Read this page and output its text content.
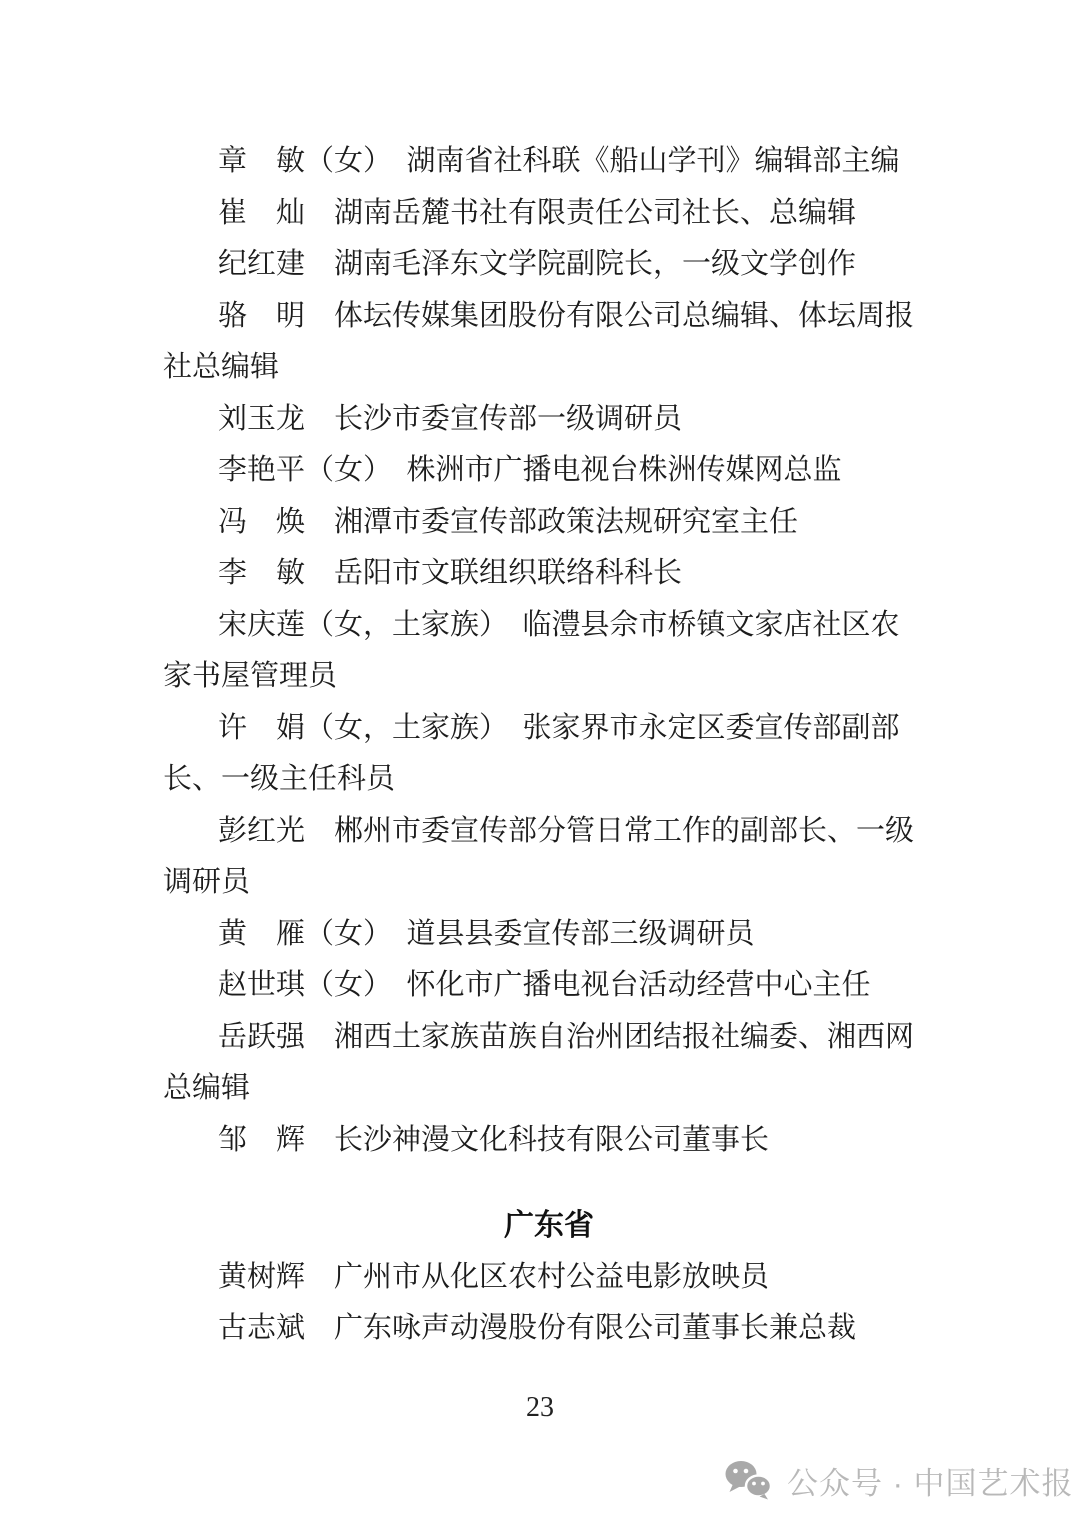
章　敏（女）　湖南省社科联《船山学刊》编辑部主编
崔　灿　湖南岳麓书社有限责任公司社长、总编辑
纪红建　湖南毛泽东文学院副院长，一级文学创作
骆　明　体坛传媒集团股份有限公司总编辑、体坛周报
社总编辑
刘玉龙　长沙市委宣传部一级调研员
李艳平（女）　株洲市广播电视台株洲传媒网总监
冯　焕　湘潭市委宣传部政策法规研究室主任
李　敏　岳阳市文联组织联络科科长
宋庆莲（女，土家族）　临澧县佘市桥镇文家店社区农
家书屋管理员
许　娟（女，土家族）　张家界市永定区委宣传部副部
长、一级主任科员
彭红光　郴州市委宣传部分管日常工作的副部长、一级
调研员
黄　雁（女）　道县县委宣传部三级调研员
赵世琪（女）　怀化市广播电视台活动经营中心主任
岳跃强　湘西土家族苗族自治州团结报社编委、湘西网
总编辑
邹　辉　长沙神漫文化科技有限公司董事长
广东省
黄树辉　广州市从化区农村公益电影放映员
古志斌　广东咏声动漫股份有限公司董事长兼总裁
23
公众号 · 中国艺术报
